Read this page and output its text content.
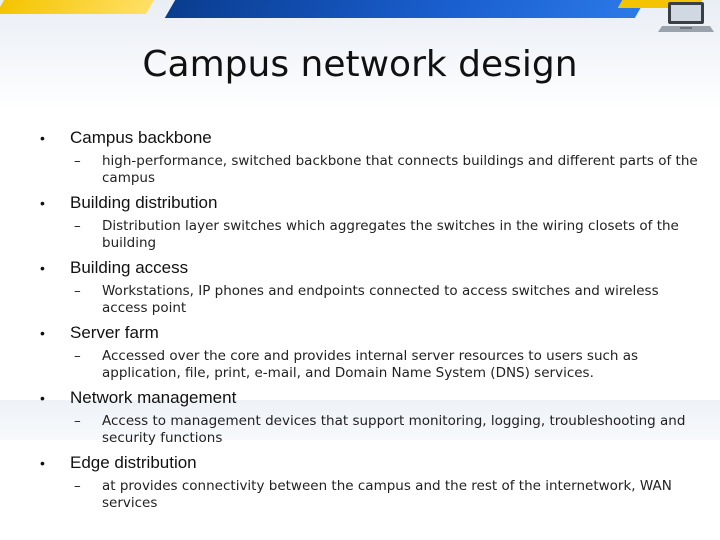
Campus network design
•	Campus backbone
– high-performance, switched backbone that connects buildings and different parts of the campus
•	Building distribution
– Distribution layer switches which aggregates the switches in the wiring closets of the building
•	Building access
– Workstations, IP phones and endpoints connected to access switches and wireless access point
•	Server farm
– Accessed over the core and provides internal server resources to users such as application, file, print, e-mail, and Domain Name System (DNS) services.
•	Network management
– Access to management devices that support monitoring, logging, troubleshooting and security functions
•	Edge distribution
– at provides connectivity between the campus and the rest of the internetwork, WAN services
